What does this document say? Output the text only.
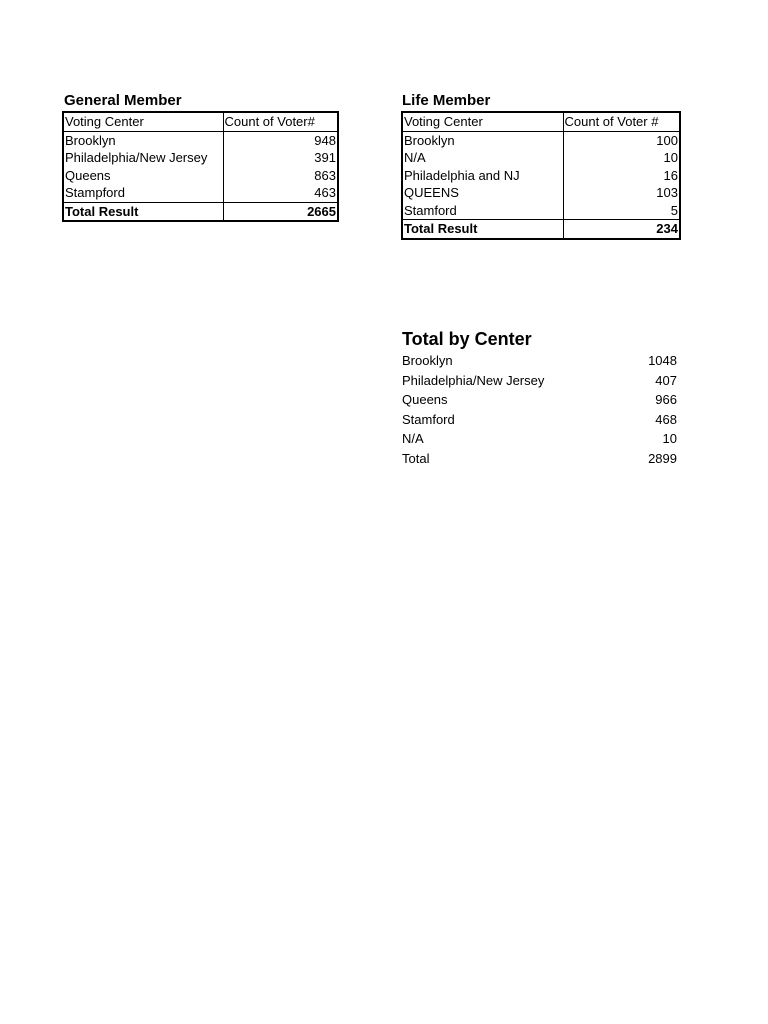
General Member
Voting Center	Count of Voter#
Brooklyn	948
Philadelphia/New Jersey	391
Queens	863
Stampford	463
Total Result	2665
Life Member
Voting Center	Count of Voter #
Brooklyn	100
N/A	10
Philadelphia and NJ	16
QUEENS	103
Stamford	5
Total Result	234
Total by Center
Brooklyn	1048
Philadelphia/New Jersey	407
Queens	966
Stamford	468
N/A	10
Total	2899
